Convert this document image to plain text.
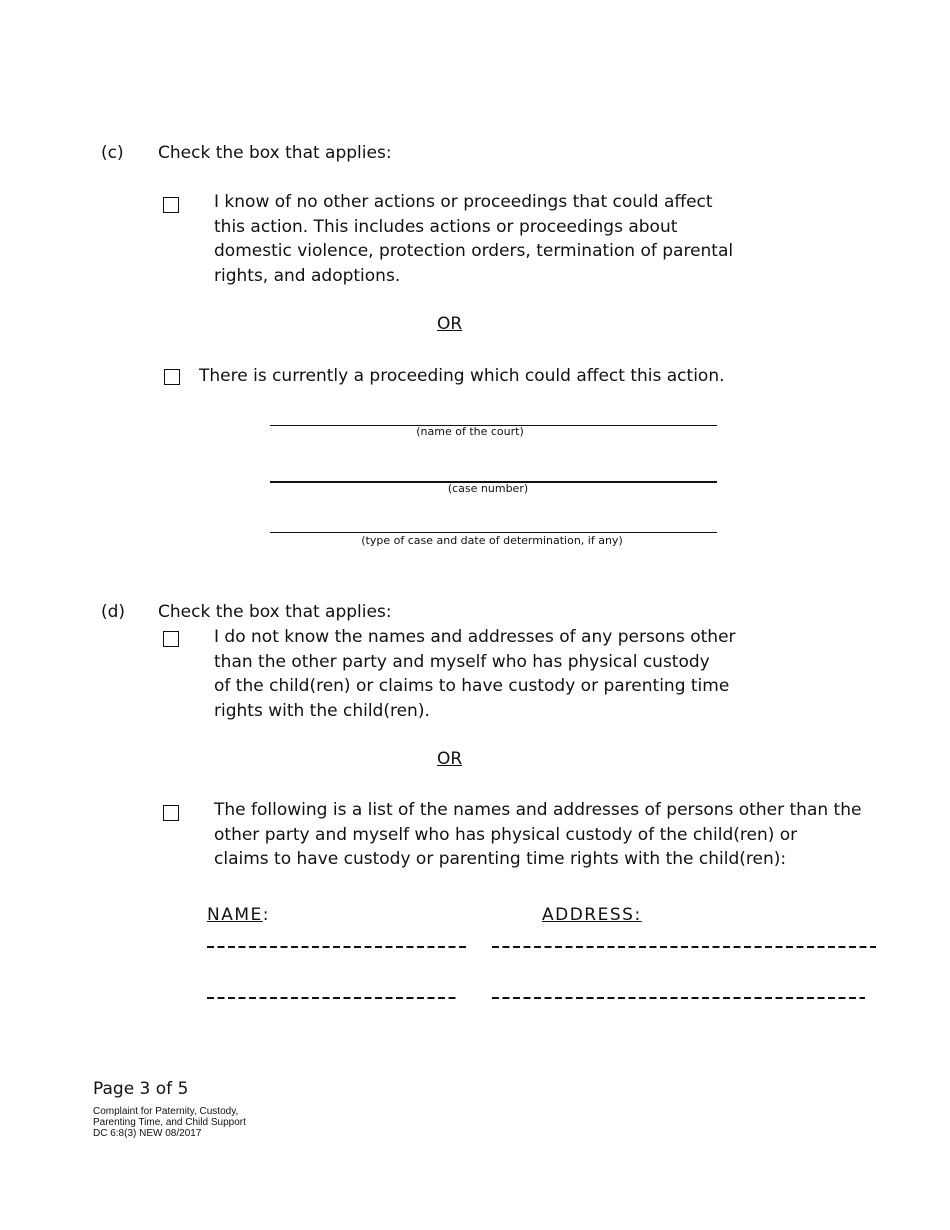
(c) Check the box that applies:
I know of no other actions or proceedings that could affect
this action. This includes actions or proceedings about
domestic violence, protection orders, termination of parental
rights, and adoptions.
OR
There is currently a proceeding which could affect this action.
(name of the court)
(case number)
(type of case and date of determination, if any)
(d) Check the box that applies:
I do not know the names and addresses of any persons other
than the other party and myself who has physical custody
of the child(ren) or claims to have custody or parenting time
rights with the child(ren).
OR
The following is a list of the names and addresses of persons other than the
other party and myself who has physical custody of the child(ren) or
claims to have custody or parenting time rights with the child(ren):
NAME:	ADDRESS:
Page 3 of 5
Complaint for Paternity, Custody,
Parenting Time, and Child Support
DC 6:8(3) NEW 08/2017
